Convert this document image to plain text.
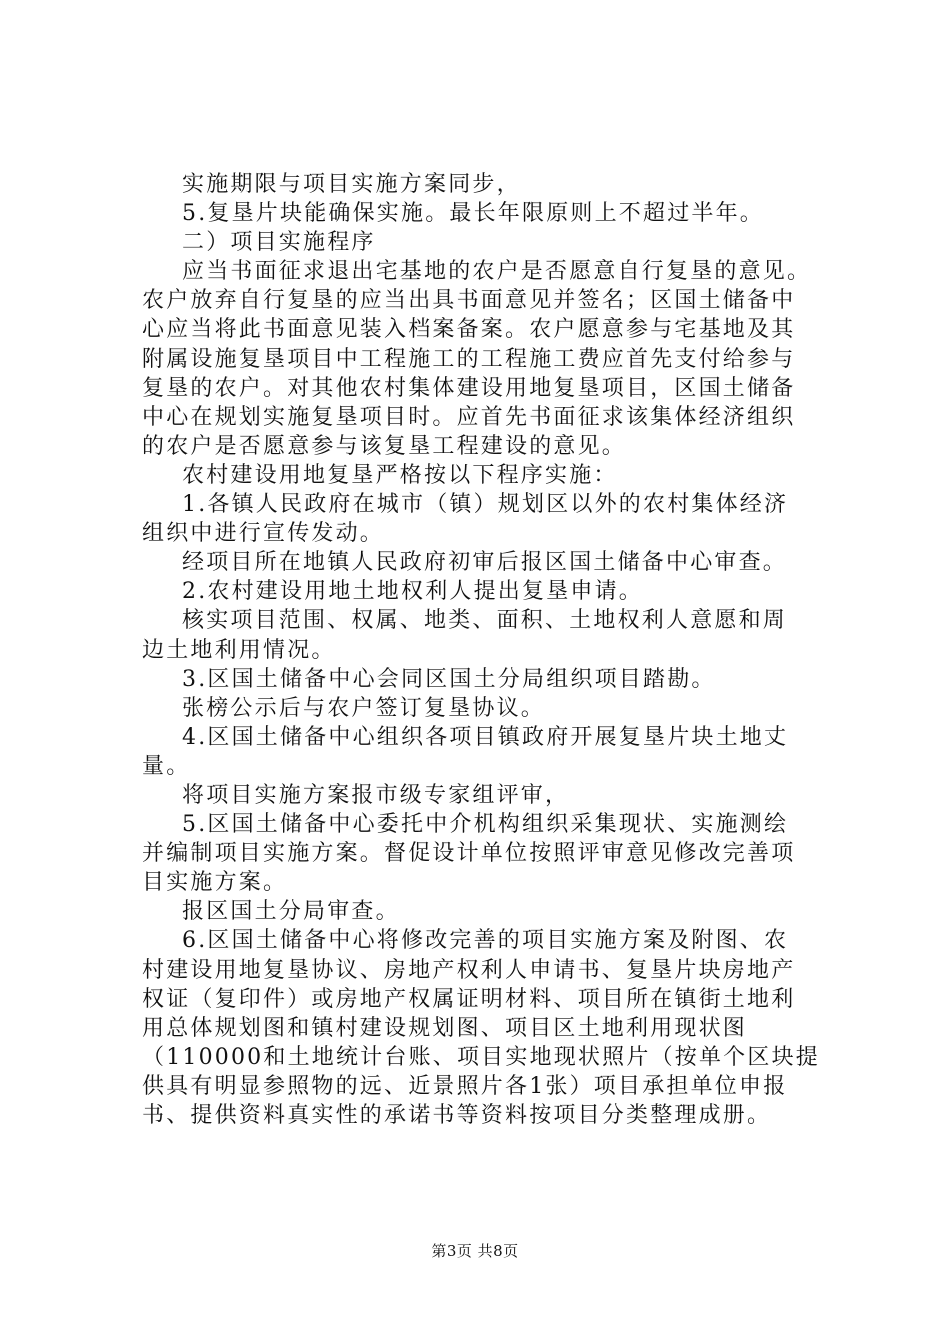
实施期限与项目实施方案同步，
5.复垦片块能确保实施。最长年限原则上不超过半年。
二）项目实施程序
应当书面征求退出宅基地的农户是否愿意自行复垦的意见。
农户放弃自行复垦的应当出具书面意见并签名；区国土储备中
心应当将此书面意见装入档案备案。农户愿意参与宅基地及其
附属设施复垦项目中工程施工的工程施工费应首先支付给参与
复垦的农户。对其他农村集体建设用地复垦项目，区国土储备
中心在规划实施复垦项目时。应首先书面征求该集体经济组织
的农户是否愿意参与该复垦工程建设的意见。
农村建设用地复垦严格按以下程序实施：
1.各镇人民政府在城市（镇）规划区以外的农村集体经济
组织中进行宣传发动。
经项目所在地镇人民政府初审后报区国土储备中心审查。
2.农村建设用地土地权利人提出复垦申请。
核实项目范围、权属、地类、面积、土地权利人意愿和周
边土地利用情况。
3.区国土储备中心会同区国土分局组织项目踏勘。
张榜公示后与农户签订复垦协议。
4.区国土储备中心组织各项目镇政府开展复垦片块土地丈
量。
将项目实施方案报市级专家组评审，
5.区国土储备中心委托中介机构组织采集现状、实施测绘
并编制项目实施方案。督促设计单位按照评审意见修改完善项
目实施方案。
报区国土分局审查。
6.区国土储备中心将修改完善的项目实施方案及附图、农
村建设用地复垦协议、房地产权利人申请书、复垦片块房地产
权证（复印件）或房地产权属证明材料、项目所在镇街土地利
用总体规划图和镇村建设规划图、项目区土地利用现状图
（110000和土地统计台账、项目实地现状照片（按单个区块提
供具有明显参照物的远、近景照片各1张）项目承担单位申报
书、提供资料真实性的承诺书等资料按项目分类整理成册。
第3页 共8页
